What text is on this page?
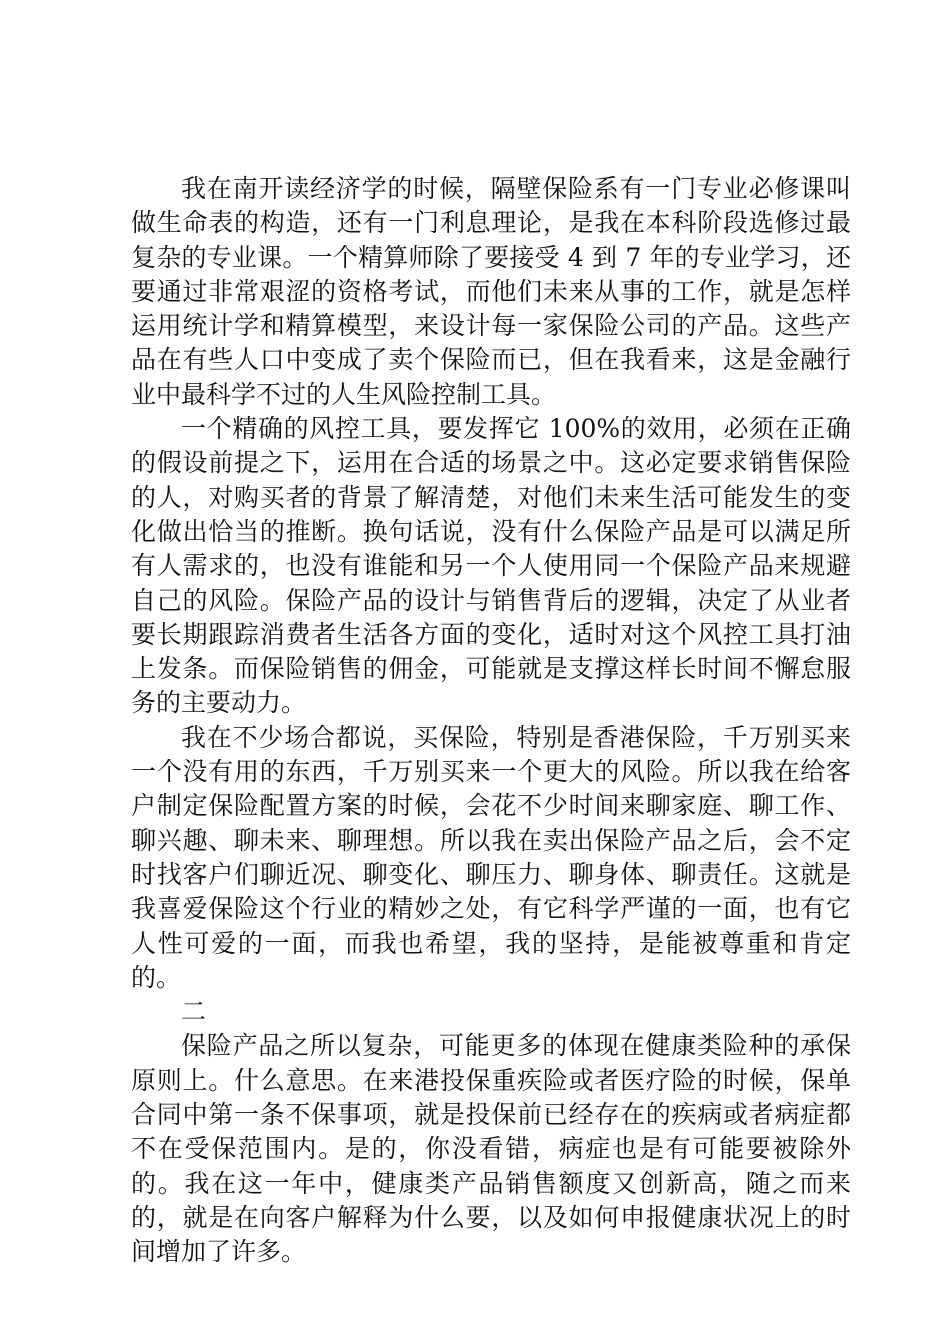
我在南开读经济学的时候，隔壁保险系有一门专业必修课叫做生命表的构造，还有一门利息理论，是我在本科阶段选修过最复杂的专业课。一个精算师除了要接受 4 到 7 年的专业学习，还要通过非常艰涩的资格考试，而他们未来从事的工作，就是怎样运用统计学和精算模型，来设计每一家保险公司的产品。这些产品在有些人口中变成了卖个保险而已，但在我看来，这是金融行业中最科学不过的人生风险控制工具。

一个精确的风控工具，要发挥它 100%的效用，必须在正确的假设前提之下，运用在合适的场景之中。这必定要求销售保险的人，对购买者的背景了解清楚，对他们未来生活可能发生的变化做出恰当的推断。换句话说，没有什么保险产品是可以满足所有人需求的，也没有谁能和另一个人使用同一个保险产品来规避自己的风险。保险产品的设计与销售背后的逻辑，决定了从业者要长期跟踪消费者生活各方面的变化，适时对这个风控工具打油上发条。而保险销售的佣金，可能就是支撑这样长时间不懈怠服务的主要动力。

我在不少场合都说，买保险，特别是香港保险，千万别买来一个没有用的东西，千万别买来一个更大的风险。所以我在给客户制定保险配置方案的时候，会花不少时间来聊家庭、聊工作、聊兴趣、聊未来、聊理想。所以我在卖出保险产品之后，会不定时找客户们聊近况、聊变化、聊压力、聊身体、聊责任。这就是我喜爱保险这个行业的精妙之处，有它科学严谨的一面，也有它人性可爱的一面，而我也希望，我的坚持，是能被尊重和肯定的。

二

保险产品之所以复杂，可能更多的体现在健康类险种的承保原则上。什么意思。在来港投保重疾险或者医疗险的时候，保单合同中第一条不保事项，就是投保前已经存在的疾病或者病症都不在受保范围内。是的，你没看错，病症也是有可能要被除外的。我在这一年中，健康类产品销售额度又创新高，随之而来的，就是在向客户解释为什么要，以及如何申报健康状况上的时间增加了许多。
